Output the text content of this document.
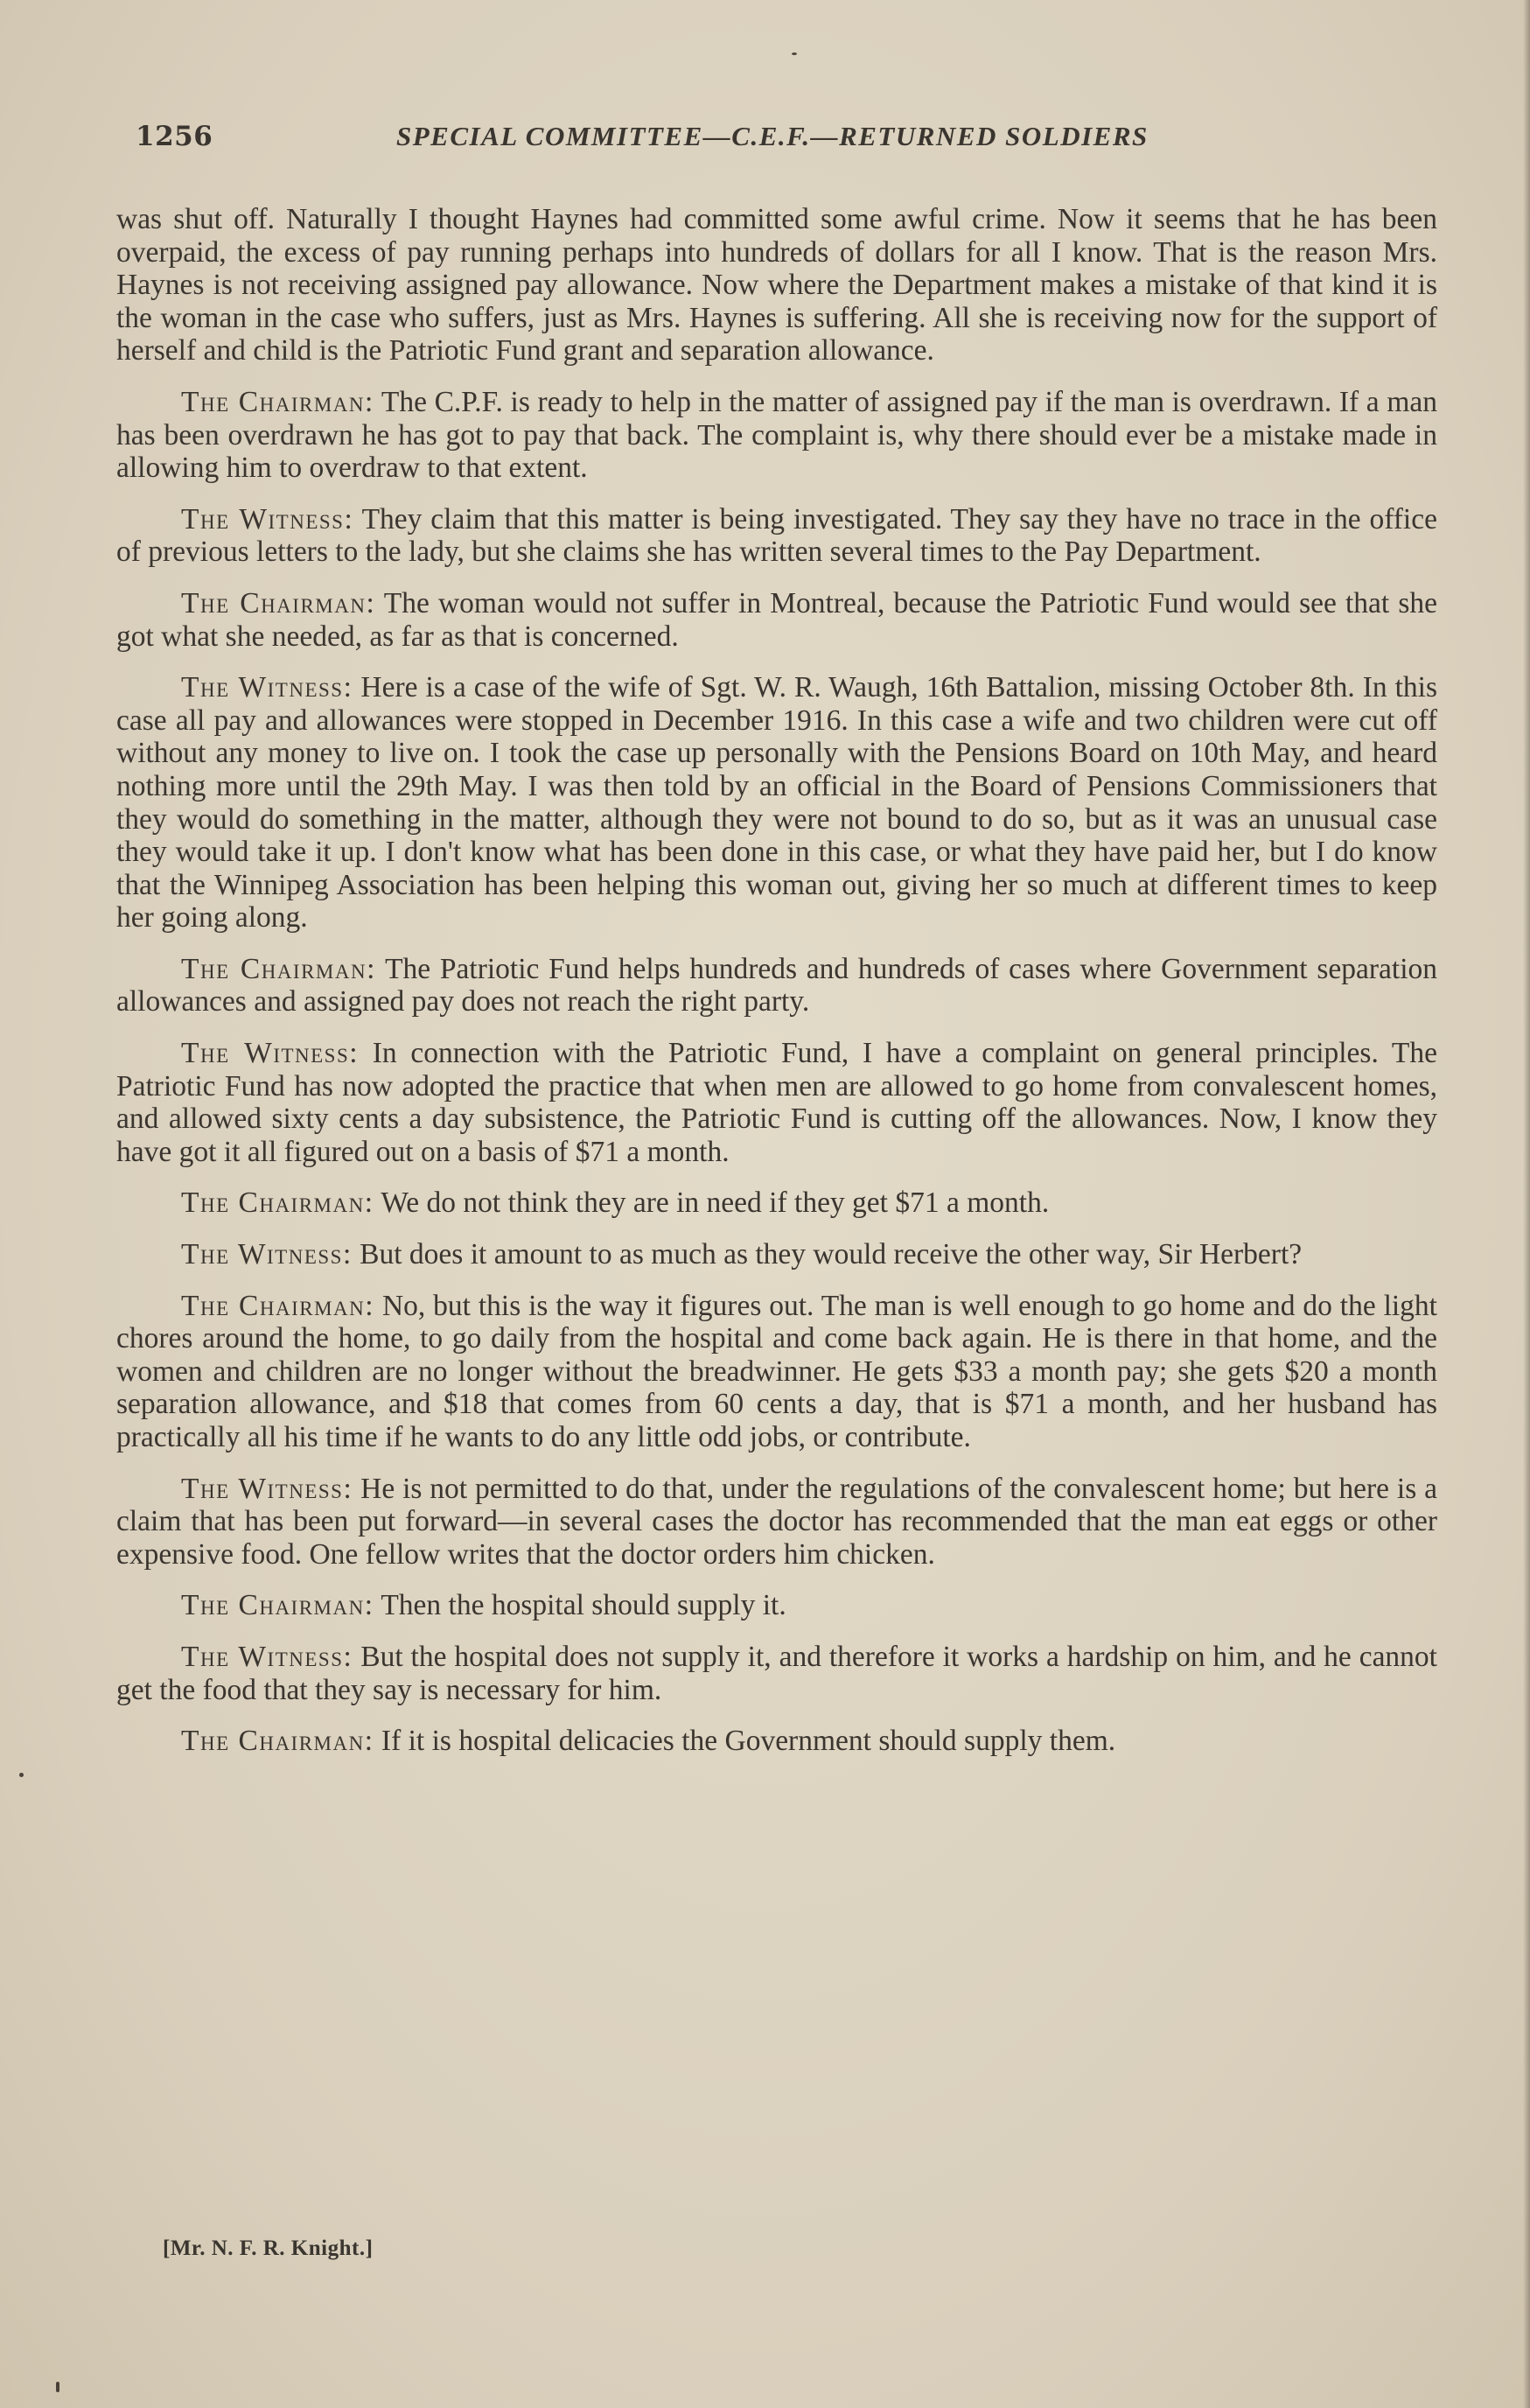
1256	SPECIAL COMMITTEE—C.E.F.—RETURNED SOLDIERS

was shut off. Naturally I thought Haynes had committed some awful crime. Now it seems that he has been overpaid, the excess of pay running perhaps into hundreds of dollars for all I know. That is the reason Mrs. Haynes is not receiving assigned pay allowance. Now where the Department makes a mistake of that kind it is the woman in the case who suffers, just as Mrs. Haynes is suffering. All she is receiving now for the support of herself and child is the Patriotic Fund grant and separation allowance.

The Chairman: The C.P.F. is ready to help in the matter of assigned pay if the man is overdrawn. If a man has been overdrawn he has got to pay that back. The complaint is, why there should ever be a mistake made in allowing him to overdraw to that extent.

The Witness: They claim that this matter is being investigated. They say they have no trace in the office of previous letters to the lady, but she claims she has written several times to the Pay Department.

The Chairman: The woman would not suffer in Montreal, because the Patriotic Fund would see that she got what she needed, as far as that is concerned.

The Witness: Here is a case of the wife of Sgt. W. R. Waugh, 16th Battalion, missing October 8th. In this case all pay and allowances were stopped in December 1916. In this case a wife and two children were cut off without any money to live on. I took the case up personally with the Pensions Board on 10th May, and heard nothing more until the 29th May. I was then told by an official in the Board of Pensions Commissioners that they would do something in the matter, although they were not bound to do so, but as it was an unusual case they would take it up. I don't know what has been done in this case, or what they have paid her, but I do know that the Winnipeg Association has been helping this woman out, giving her so much at different times to keep her going along.

The Chairman: The Patriotic Fund helps hundreds and hundreds of cases where Government separation allowances and assigned pay does not reach the right party.

The Witness: In connection with the Patriotic Fund, I have a complaint on general principles. The Patriotic Fund has now adopted the practice that when men are allowed to go home from convalescent homes, and allowed sixty cents a day subsistence, the Patriotic Fund is cutting off the allowances. Now, I know they have got it all figured out on a basis of $71 a month.

The Chairman: We do not think they are in need if they get $71 a month.

The Witness: But does it amount to as much as they would receive the other way, Sir Herbert?

The Chairman: No, but this is the way it figures out. The man is well enough to go home and do the light chores around the home, to go daily from the hospital and come back again. He is there in that home, and the women and children are no longer without the breadwinner. He gets $33 a month pay; she gets $20 a month separation allowance, and $18 that comes from 60 cents a day, that is $71 a month, and her husband has practically all his time if he wants to do any little odd jobs, or contribute.

The Witness: He is not permitted to do that, under the regulations of the convalescent home; but here is a claim that has been put forward—in several cases the doctor has recommended that the man eat eggs or other expensive food. One fellow writes that the doctor orders him chicken.

The Chairman: Then the hospital should supply it.

The Witness: But the hospital does not supply it, and therefore it works a hardship on him, and he cannot get the food that they say is necessary for him.

The Chairman: If it is hospital delicacies the Government should supply them.

[Mr. N. F. R. Knight.]
